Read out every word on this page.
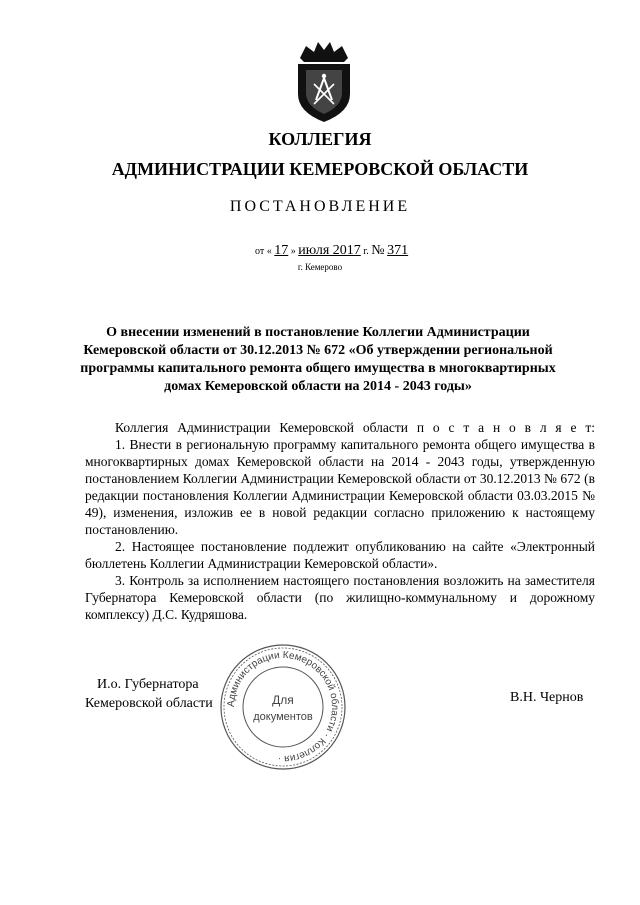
КОЛЛЕГИЯ
АДМИНИСТРАЦИИ КЕМЕРОВСКОЙ ОБЛАСТИ
ПОСТАНОВЛЕНИЕ
от « 17 » июля 2017 г. № 371
г. Кемерово
О внесении изменений в постановление Коллегии Администрации Кемеровской области от 30.12.2013 № 672 «Об утверждении региональной программы капитального ремонта общего имущества в многоквартирных домах Кемеровской области на 2014 - 2043 годы»

Коллегия Администрации Кемеровской области п о с т а н о в л я е т:

1. Внести в региональную программу капитального ремонта общего имущества в многоквартирных домах Кемеровской области на 2014 - 2043 годы, утвержденную постановлением Коллегии Администрации Кемеровской области от 30.12.2013 № 672 (в редакции постановления Коллегии Администрации Кемеровской области 03.03.2015 № 49), изменения, изложив ее в новой редакции согласно приложению к настоящему постановлению.

2. Настоящее постановление подлежит опубликованию на сайте «Электронный бюллетень Коллегии Администрации Кемеровской области».

3. Контроль за исполнением настоящего постановления возложить на заместителя Губернатора Кемеровской области (по жилищно-коммунальному и дорожному комплексу) Д.С. Кудряшова.

И.о. Губернатора
Кемеровской области	В.Н. Чернов
Администрации Кемеровской области · Коллегия ·
Для
документов
